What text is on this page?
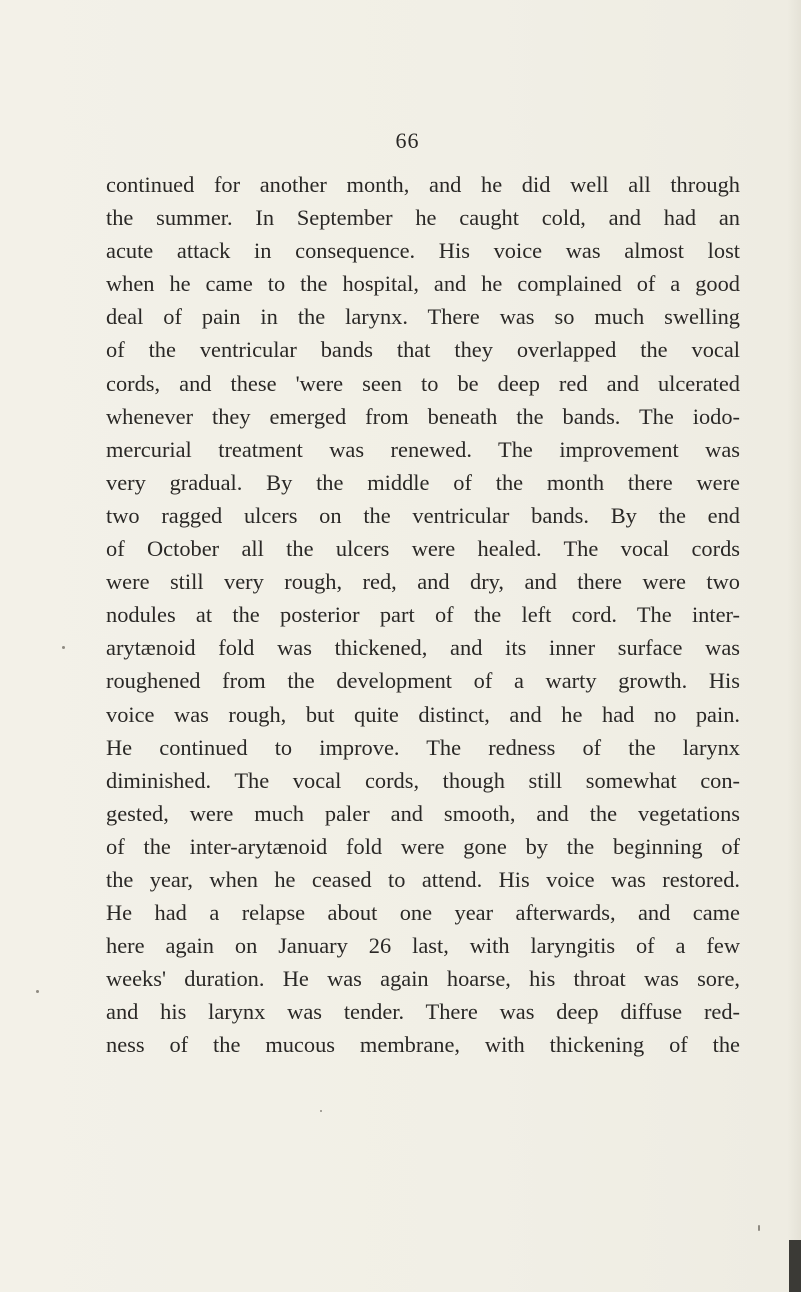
66
continued for another month, and he did well all through
the summer. In September he caught cold, and had an
acute attack in consequence. His voice was almost lost
when he came to the hospital, and he complained of a good
deal of pain in the larynx. There was so much swelling
of the ventricular bands that they overlapped the vocal
cords, and these 'were seen to be deep red and ulcerated
whenever they emerged from beneath the bands. The iodo-
mercurial treatment was renewed. The improvement was
very gradual. By the middle of the month there were
two ragged ulcers on the ventricular bands. By the end
of October all the ulcers were healed. The vocal cords
were still very rough, red, and dry, and there were two
nodules at the posterior part of the left cord. The inter-
arytænoid fold was thickened, and its inner surface was
roughened from the development of a warty growth. His
voice was rough, but quite distinct, and he had no pain.
He continued to improve. The redness of the larynx
diminished. The vocal cords, though still somewhat con-
gested, were much paler and smooth, and the vegetations
of the inter-arytænoid fold were gone by the beginning of
the year, when he ceased to attend. His voice was restored.
He had a relapse about one year afterwards, and came
here again on January 26 last, with laryngitis of a few
weeks' duration. He was again hoarse, his throat was sore,
and his larynx was tender. There was deep diffuse red-
ness of the mucous membrane, with thickening of the
